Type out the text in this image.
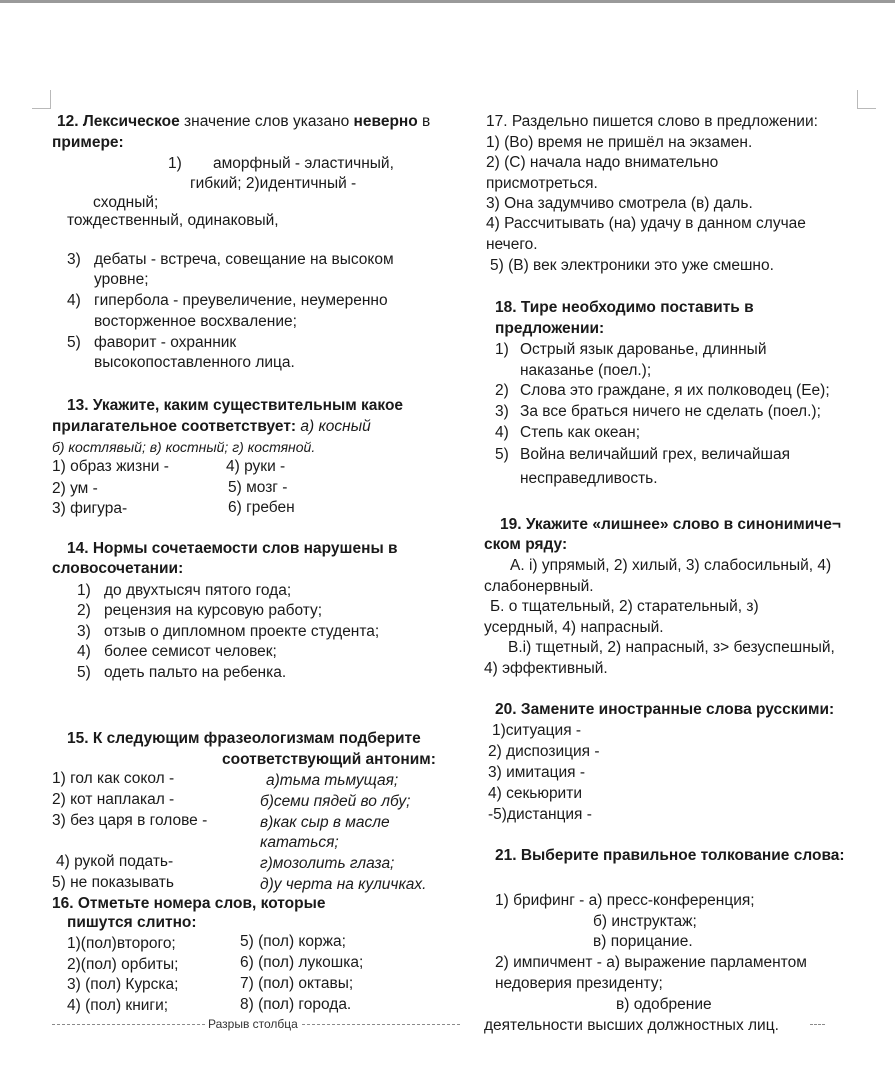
12. Лексическое значение слов указано неверно в
примере:
1) аморфный - эластичный,
гибкий; 2)идентичный -
сходный;
тождественный, одинаковый,
3) дебаты - встреча, совещание на высоком
уровне;
4) гипербола - преувеличение, неумеренно
восторженное восхваление;
5) фаворит - охранник
высокопоставленного лица.
13. Укажите, каким существительным какое
прилагательное соответствует: а) косный
б) костлявый; в) костный; г) костяной.
1) образ жизни -
2) ум -
3) фигура-
4) руки -
5) мозг -
6) гребен
14. Нормы сочетаемости слов нарушены в
словосочетании:
1) до двухтысяч пятого года;
2) рецензия на курсовую работу;
3) отзыв о дипломном проекте студента;
4) более семисот человек;
5) одеть пальто на ребенка.
15. К следующим фразеологизмам подберите
соответствующий антоним:
1) гол как сокол -
2) кот наплакал -
3) без царя в голове -
4) рукой подать-
5) не показывать
а)тьма тьмущая;
б)семи пядей во лбу;
в)как сыр в масле
кататься;
г)мозолить глаза;
д)у черта на куличках.
16. Отметьте номера слов, которые
пишутся слитно:
1)(пол)второго;
2)(пол) орбиты;
3) (пол) Курска;
4) (пол) книги;
5) (пол) коржа;
6) (пол) лукошка;
7) (пол) октавы;
8) (пол) города.
Разрыв столбца
17. Раздельно пишется слово в предложении:
1) (Во) время не пришёл на экзамен.
2) (С) начала надо внимательно
присмотреться.
3) Она задумчиво смотрела (в) даль.
4) Рассчитывать (на) удачу в данном случае
нечего.
5) (В) век электроники это уже смешно.
18. Тире необходимо поставить в
предложении:
1) Острый язык дарованье, длинный
наказанье (поел.);
2) Слова это граждане, я их полководец (Ее);
3) За все браться ничего не сделать (поел.);
4) Степь как океан;
5) Война величайший грех, величайшая
несправедливость.
19. Укажите «лишнее» слово в синонимиче¬
ском ряду:
А. i) упрямый, 2) хилый, 3) слабосильный, 4)
слабонервный.
Б. о тщательный, 2) старательный, з)
усердный, 4) напрасный.
В.i) тщетный, 2) напрасный, з> безуспешный,
4) эффективный.
20. Замените иностранные слова русскими:
1)ситуация -
2) диспозиция -
3) имитация -
4) секьюрити
-5)дистанция -
21. Выберите правильное толкование слова:
1) брифинг - а) пресс-конференция;
б) инструктаж;
в) порицание.
2) импичмент - а) выражение парламентом
недоверия президенту;
в) одобрение
деятельности высших должностных лиц.
